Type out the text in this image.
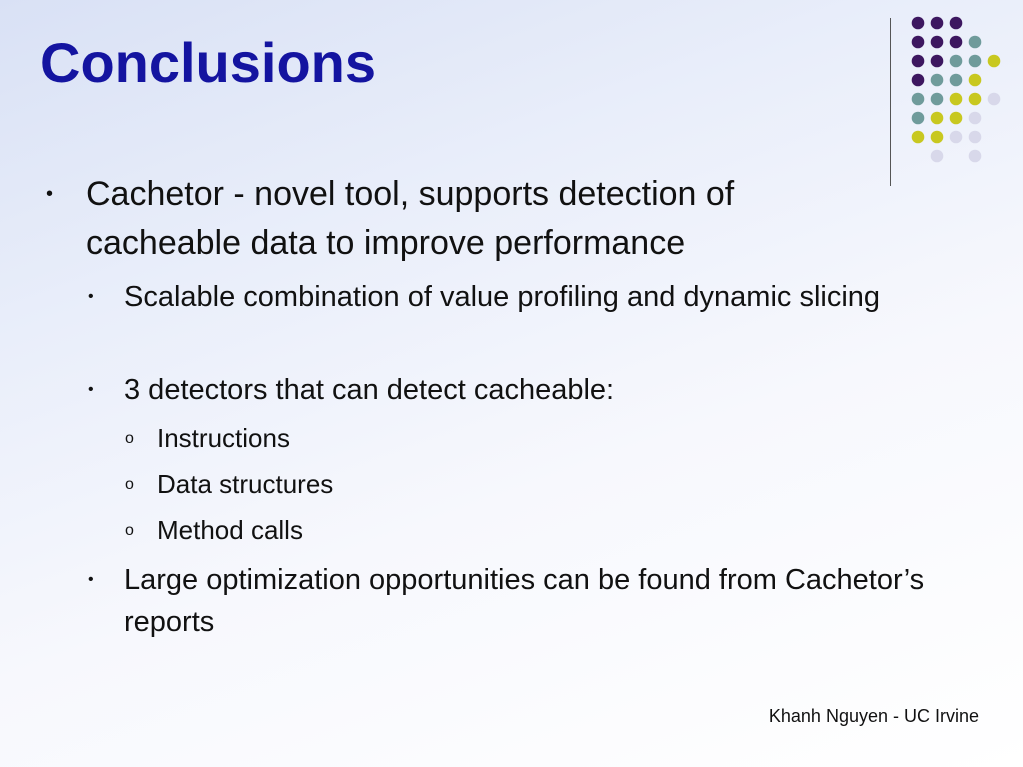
Conclusions
• Cachetor - novel tool, supports detection of cacheable data to improve performance
• Scalable combination of value profiling and dynamic slicing
• 3 detectors that can detect cacheable:
o Instructions
o Data structures
o Method calls
• Large optimization opportunities can be found from Cachetor’s reports
Khanh Nguyen - UC Irvine
